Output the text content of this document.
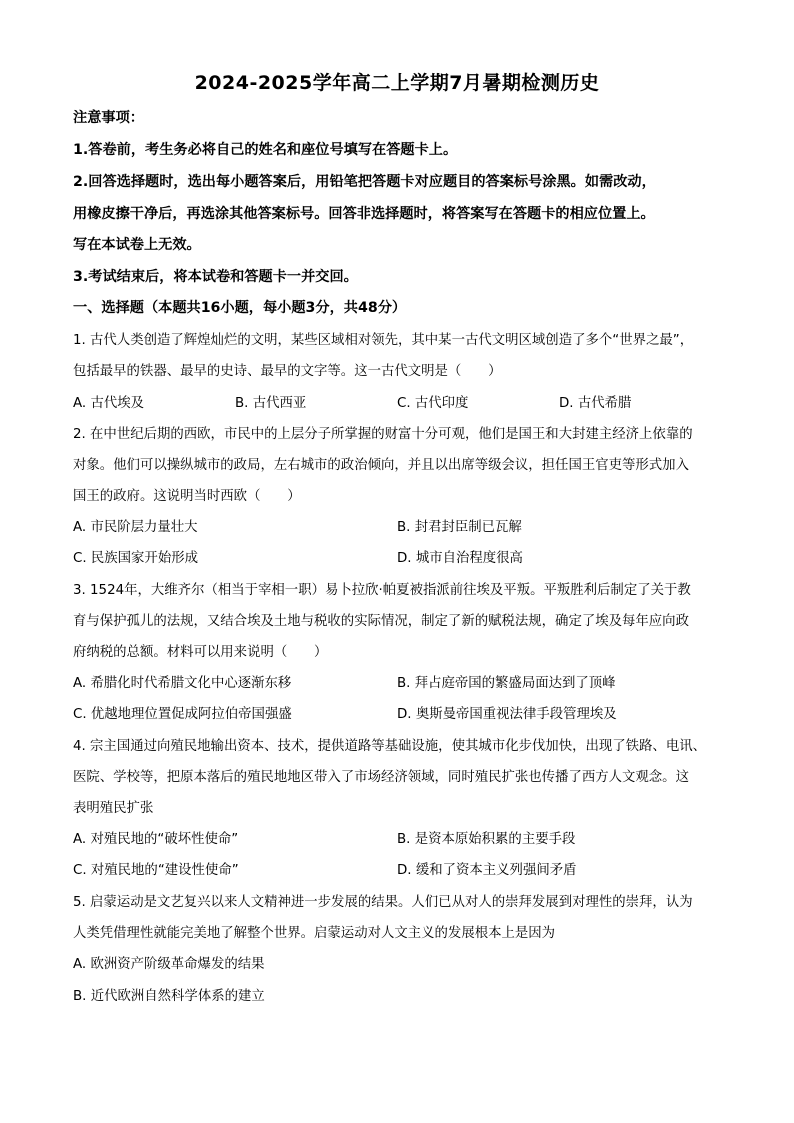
2024-2025学年高二上学期7月暑期检测历史
注意事项：
1.答卷前，考生务必将自己的姓名和座位号填写在答题卡上。
2.回答选择题时，选出每小题答案后，用铅笔把答题卡对应题目的答案标号涂黑。如需改动，
用橡皮擦干净后，再选涂其他答案标号。回答非选择题时，将答案写在答题卡的相应位置上。
写在本试卷上无效。
3.考试结束后，将本试卷和答题卡一并交回。
一、选择题（本题共16小题，每小题3分，共48分）
1. 古代人类创造了辉煌灿烂的文明，某些区域相对领先，其中某一古代文明区域创造了多个“世界之最”，
包括最早的铁器、最早的史诗、最早的文字等。这一古代文明是（　　）
A. 古代埃及	B. 古代西亚	C. 古代印度	D. 古代希腊
2. 在中世纪后期的西欧，市民中的上层分子所掌握的财富十分可观，他们是国王和大封建主经济上依靠的
对象。他们可以操纵城市的政局，左右城市的政治倾向，并且以出席等级会议，担任国王官吏等形式加入
国王的政府。这说明当时西欧（　　）
A. 市民阶层力量壮大	B. 封君封臣制已瓦解
C. 民族国家开始形成	D. 城市自治程度很高
3. 1524年，大维齐尔（相当于宰相一职）易卜拉欣·帕夏被指派前往埃及平叛。平叛胜利后制定了关于教
育与保护孤儿的法规，又结合埃及土地与税收的实际情况，制定了新的赋税法规，确定了埃及每年应向政
府纳税的总额。材料可以用来说明（　　）
A. 希腊化时代希腊文化中心逐渐东移	B. 拜占庭帝国的繁盛局面达到了顶峰
C. 优越地理位置促成阿拉伯帝国强盛	D. 奥斯曼帝国重视法律手段管理埃及
4. 宗主国通过向殖民地输出资本、技术，提供道路等基础设施，使其城市化步伐加快，出现了铁路、电讯、
医院、学校等，把原本落后的殖民地地区带入了市场经济领域，同时殖民扩张也传播了西方人文观念。这
表明殖民扩张
A. 对殖民地的“破坏性使命”	B. 是资本原始积累的主要手段
C. 对殖民地的“建设性使命”	D. 缓和了资本主义列强间矛盾
5. 启蒙运动是文艺复兴以来人文精神进一步发展的结果。人们已从对人的崇拜发展到对理性的崇拜，认为
人类凭借理性就能完美地了解整个世界。启蒙运动对人文主义的发展根本上是因为
A. 欧洲资产阶级革命爆发的结果
B. 近代欧洲自然科学体系的建立
